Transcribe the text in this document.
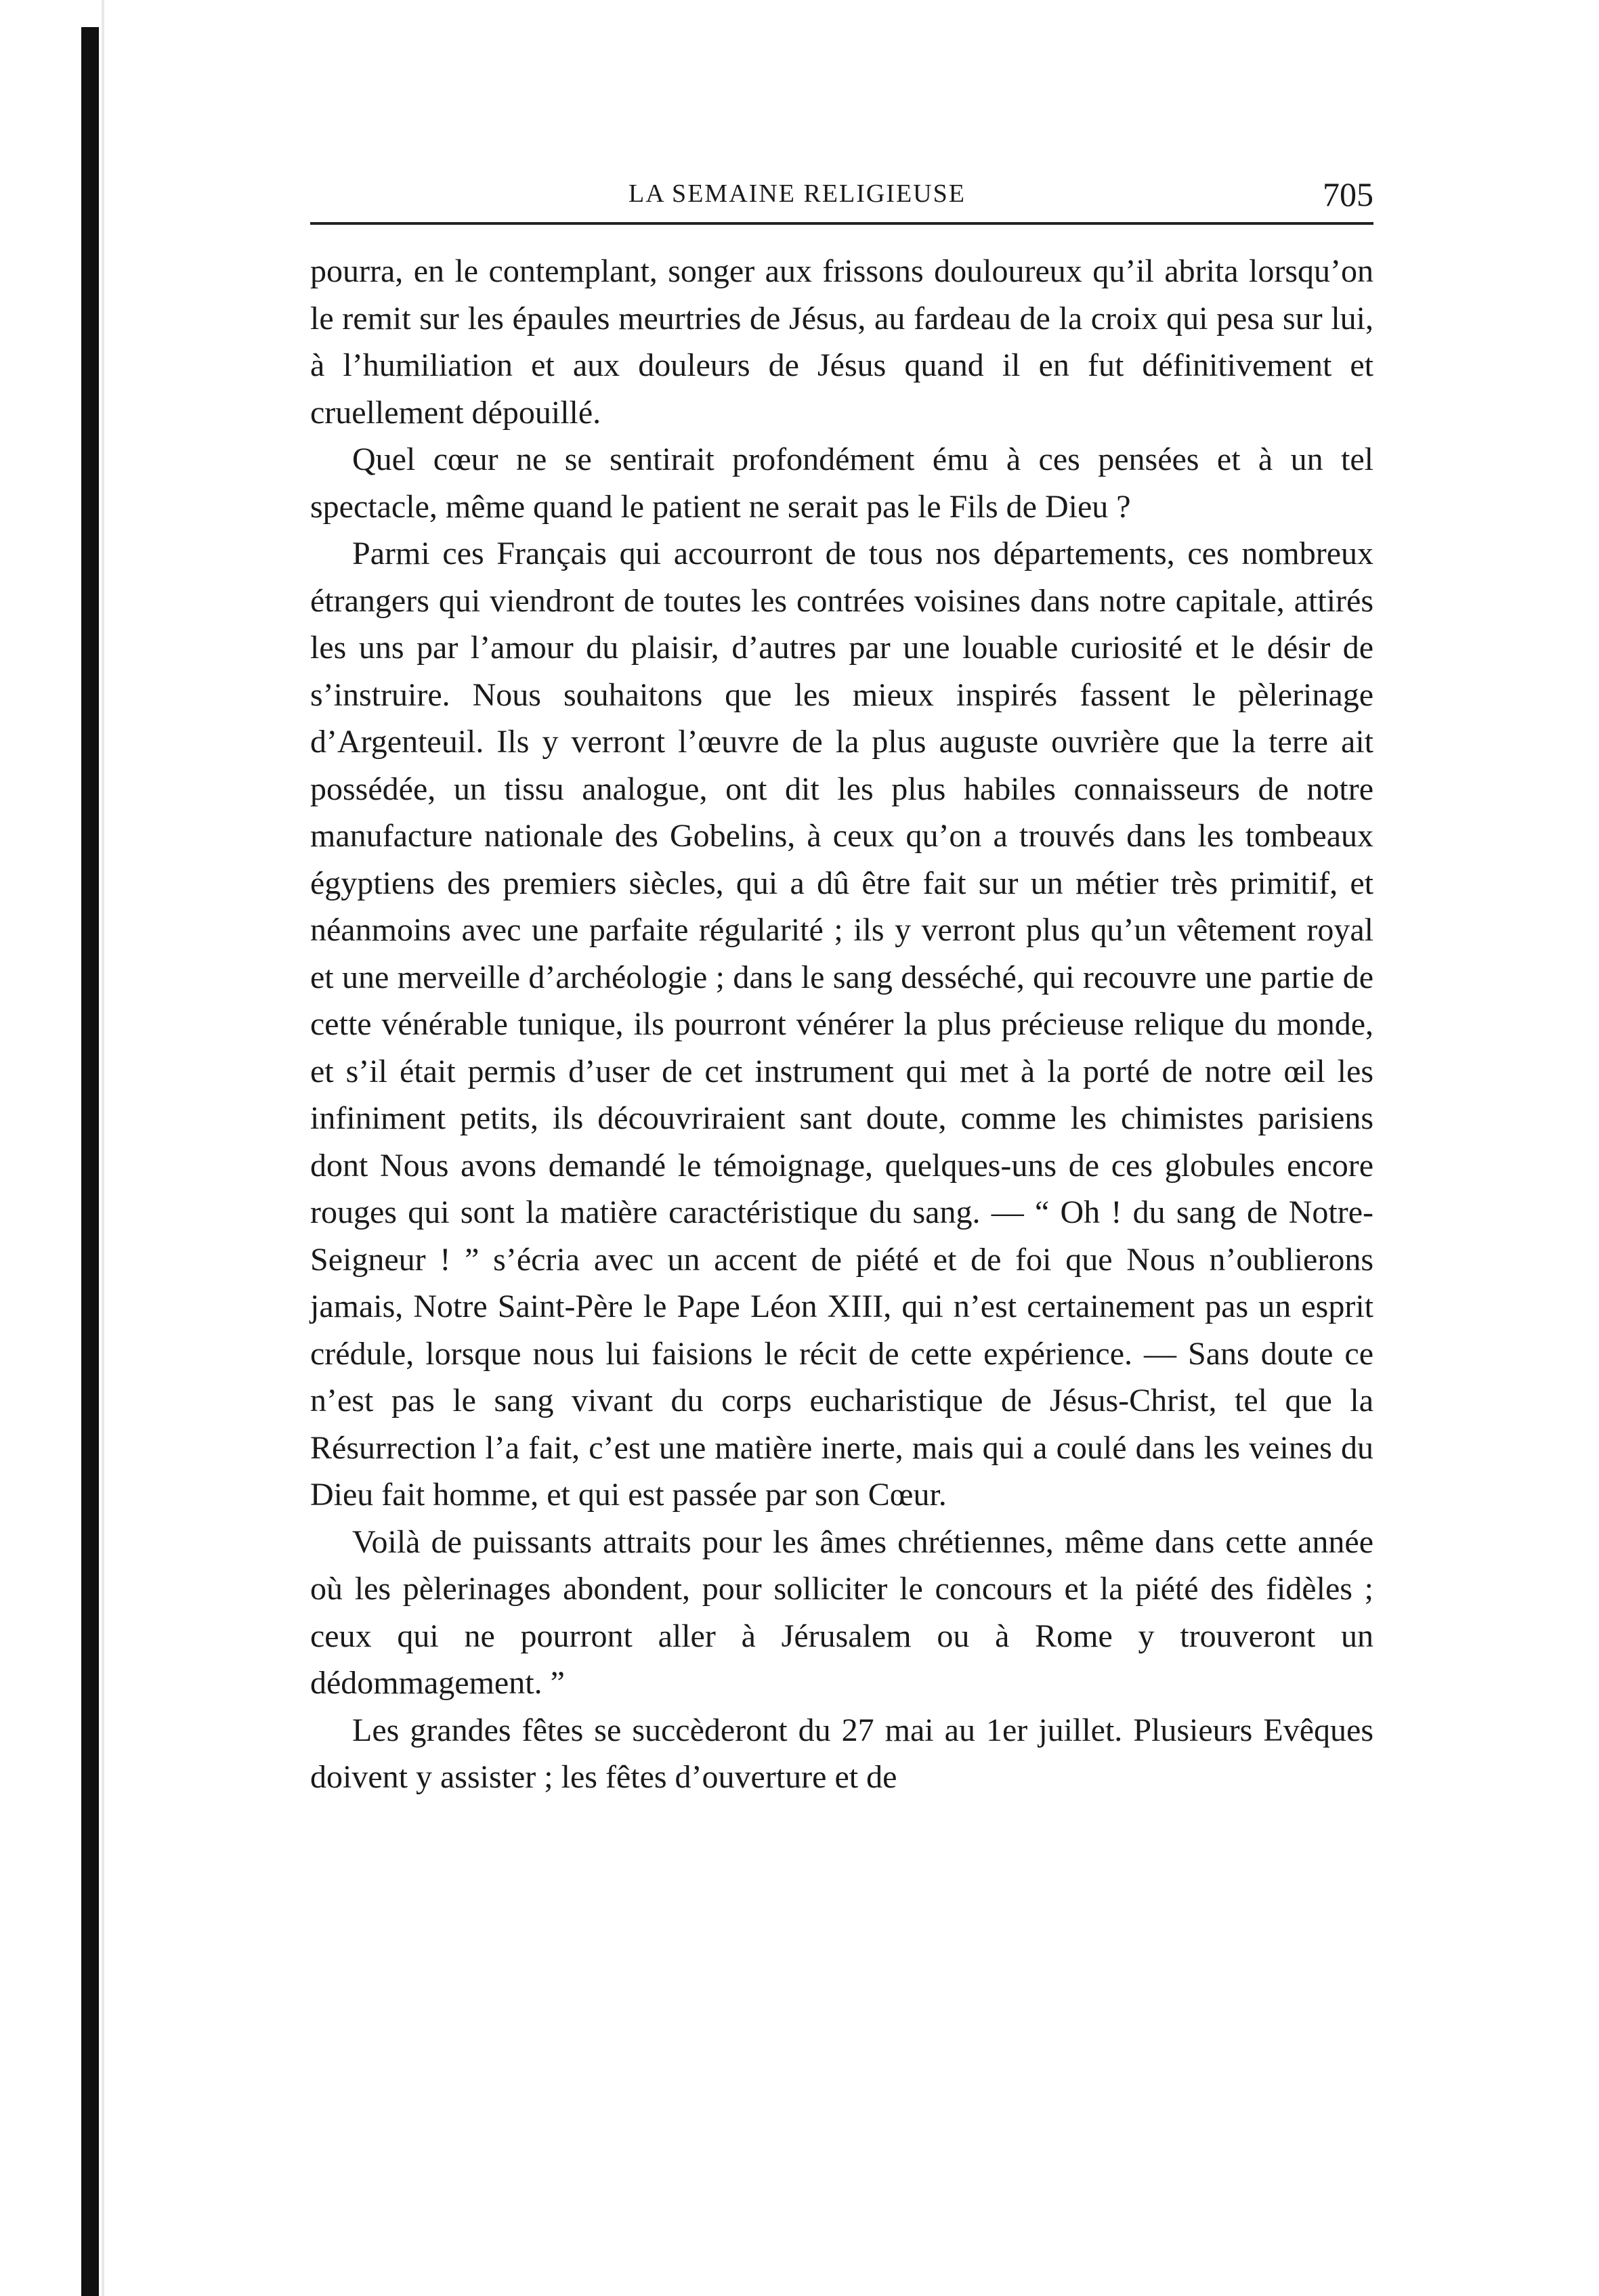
LA SEMAINE RELIGIEUSE	705

pourra, en le contemplant, songer aux frissons douloureux qu’il abrita lorsqu’on le remit sur les épaules meurtries de Jésus, au fardeau de la croix qui pesa sur lui, à l’humiliation et aux douleurs de Jésus quand il en fut définitivement et cruellement dépouillé.

Quel cœur ne se sentirait profondément ému à ces pensées et à un tel spectacle, même quand le patient ne serait pas le Fils de Dieu ?

Parmi ces Français qui accourront de tous nos départements, ces nombreux étrangers qui viendront de toutes les contrées voisines dans notre capitale, attirés les uns par l’amour du plaisir, d’autres par une louable curiosité et le désir de s’instruire. Nous souhaitons que les mieux inspirés fassent le pèlerinage d’Argenteuil. Ils y verront l’œuvre de la plus auguste ouvrière que la terre ait possédée, un tissu analogue, ont dit les plus habiles connaisseurs de notre manufacture nationale des Gobelins, à ceux qu’on a trouvés dans les tombeaux égyptiens des premiers siècles, qui a dû être fait sur un métier très primitif, et néanmoins avec une parfaite régularité ; ils y verront plus qu’un vêtement royal et une merveille d’archéologie ; dans le sang desséché, qui recouvre une partie de cette vénérable tunique, ils pourront vénérer la plus précieuse relique du monde, et s’il était permis d’user de cet instrument qui met à la porté de notre œil les infiniment petits, ils découvriraient sant doute, comme les chimistes parisiens dont Nous avons demandé le témoignage, quelques-uns de ces globules encore rouges qui sont la matière caractéristique du sang. — “ Oh ! du sang de Notre-Seigneur ! ” s’écria avec un accent de piété et de foi que Nous n’oublierons jamais, Notre Saint-Père le Pape Léon XIII, qui n’est certainement pas un esprit crédule, lorsque nous lui faisions le récit de cette expérience. — Sans doute ce n’est pas le sang vivant du corps eucharistique de Jésus-Christ, tel que la Résurrection l’a fait, c’est une matière inerte, mais qui a coulé dans les veines du Dieu fait homme, et qui est passée par son Cœur.

Voilà de puissants attraits pour les âmes chrétiennes, même dans cette année où les pèlerinages abondent, pour solliciter le concours et la piété des fidèles ; ceux qui ne pourront aller à Jérusalem ou à Rome y trouveront un dédommagement. ”

Les grandes fêtes se succèderont du 27 mai au 1er juillet. Plusieurs Evêques doivent y assister ; les fêtes d’ouverture et de
